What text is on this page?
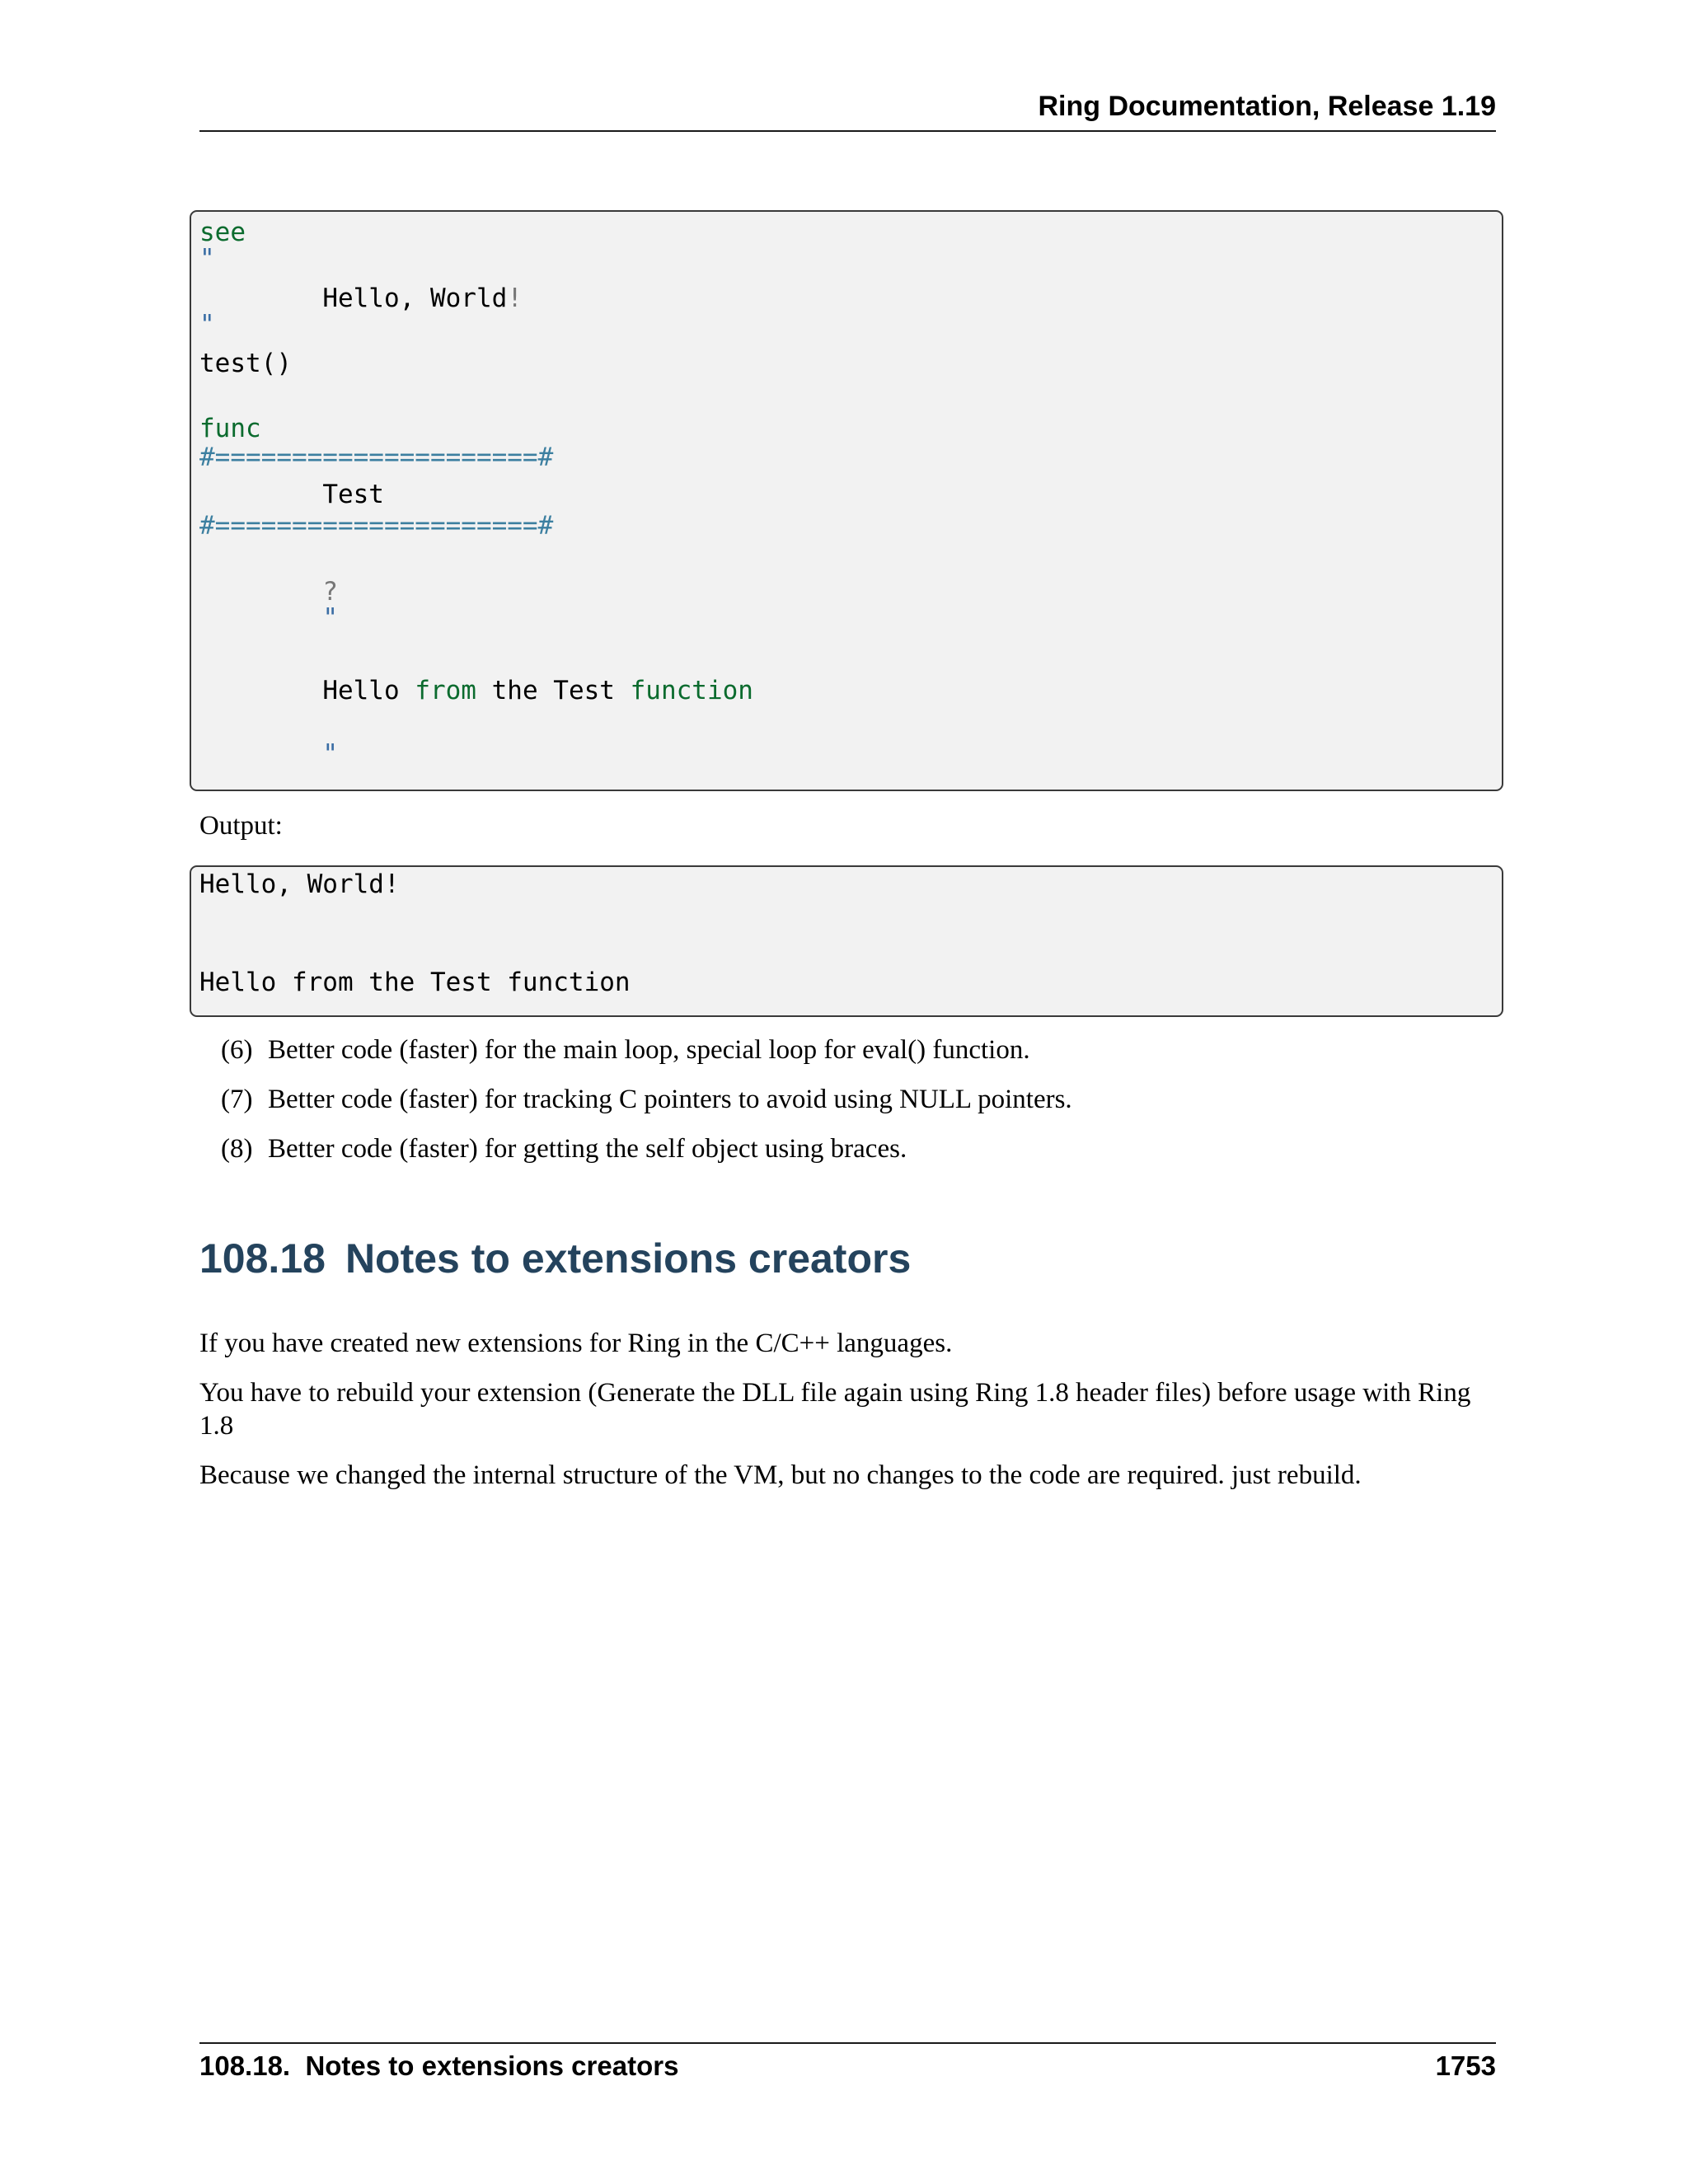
Ring Documentation, Release 1.19
see
"
Hello, World!
"
test()
func
#=====================#
Test
#=====================#
?
"
Hello from the Test function
"
Output:
Hello, World!
Hello from the Test function
(6) Better code (faster) for the main loop, special loop for eval() function.
(7) Better code (faster) for tracking C pointers to avoid using NULL pointers.
(8) Better code (faster) for getting the self object using braces.
108.18 Notes to extensions creators
If you have created new extensions for Ring in the C/C++ languages.
You have to rebuild your extension (Generate the DLL file again using Ring 1.8 header files) before usage with Ring 1.8
Because we changed the internal structure of the VM, but no changes to the code are required. just rebuild.
108.18.  Notes to extensions creators	1753
